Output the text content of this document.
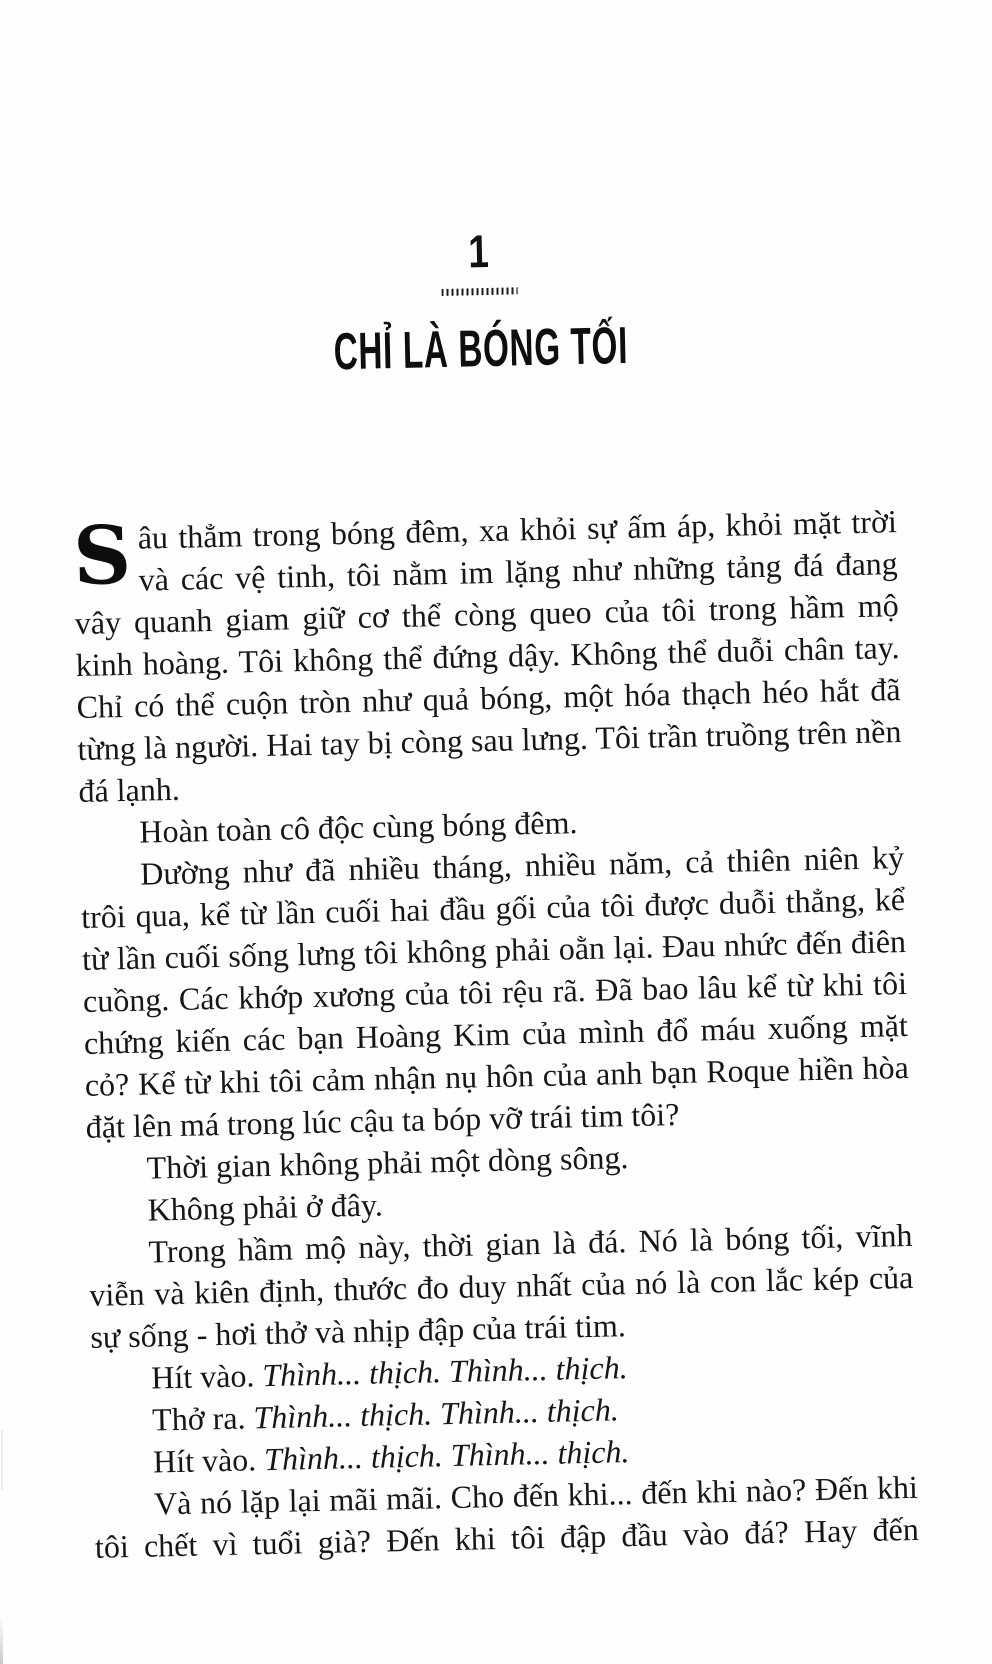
1
CHỈ LÀ BÓNG TỐI

Sâu thẳm trong bóng đêm, xa khỏi sự ấm áp, khỏi mặt trời và các vệ tinh, tôi nằm im lặng như những tảng đá đang vây quanh giam giữ cơ thể còng queo của tôi trong hầm mộ kinh hoàng. Tôi không thể đứng dậy. Không thể duỗi chân tay. Chỉ có thể cuộn tròn như quả bóng, một hóa thạch héo hắt đã từng là người. Hai tay bị còng sau lưng. Tôi trần truồng trên nền đá lạnh.

Hoàn toàn cô độc cùng bóng đêm.

Dường như đã nhiều tháng, nhiều năm, cả thiên niên kỷ trôi qua, kể từ lần cuối hai đầu gối của tôi được duỗi thẳng, kể từ lần cuối sống lưng tôi không phải oằn lại. Đau nhức đến điên cuồng. Các khớp xương của tôi rệu rã. Đã bao lâu kể từ khi tôi chứng kiến các bạn Hoàng Kim của mình đổ máu xuống mặt cỏ? Kể từ khi tôi cảm nhận nụ hôn của anh bạn Roque hiền hòa đặt lên má trong lúc cậu ta bóp vỡ trái tim tôi?

Thời gian không phải một dòng sông.

Không phải ở đây.

Trong hầm mộ này, thời gian là đá. Nó là bóng tối, vĩnh viễn và kiên định, thước đo duy nhất của nó là con lắc kép của sự sống - hơi thở và nhịp đập của trái tim.

Hít vào. Thình... thịch. Thình... thịch.

Thở ra. Thình... thịch. Thình... thịch.

Hít vào. Thình... thịch. Thình... thịch.

Và nó lặp lại mãi mãi. Cho đến khi... đến khi nào? Đến khi tôi chết vì tuổi già? Đến khi tôi đập đầu vào đá? Hay đến
